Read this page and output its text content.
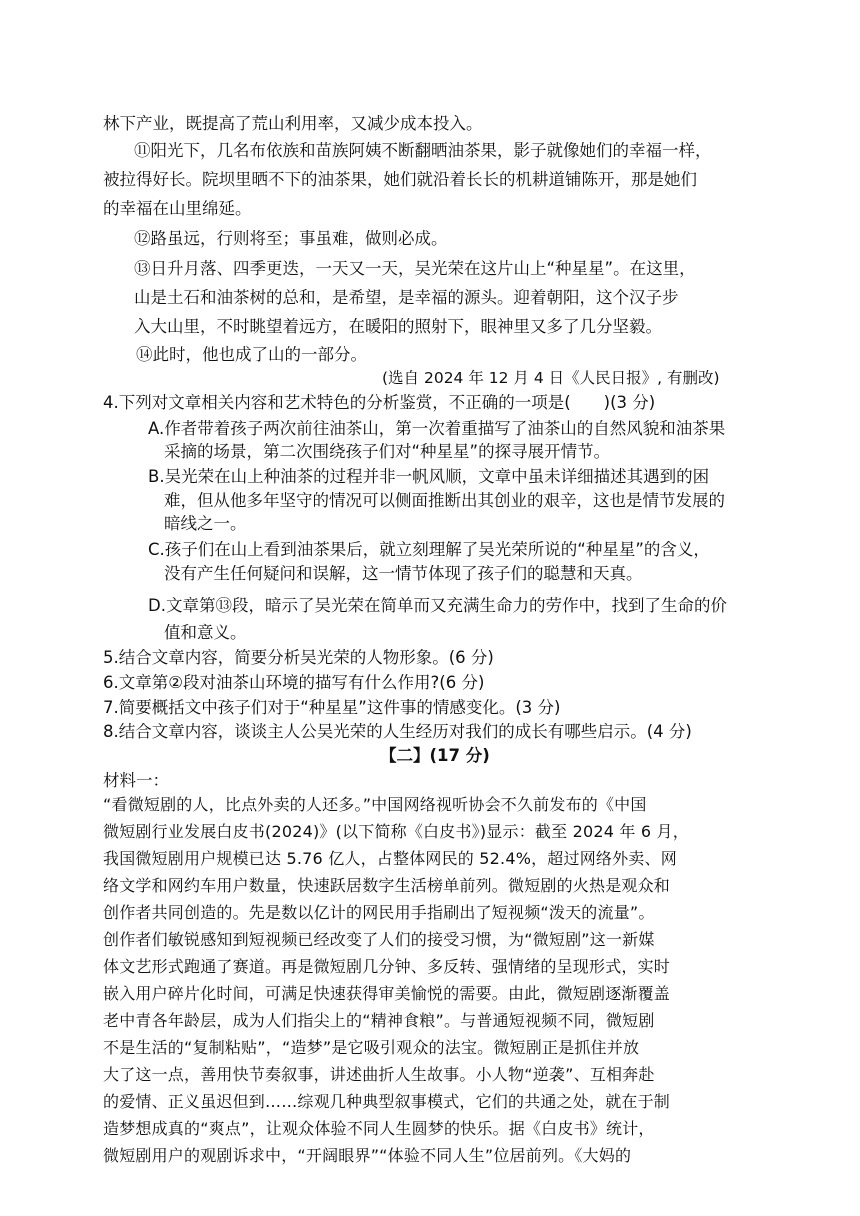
林下产业，既提高了荒山利用率，又减少成本投入。
⑪阳光下，几名布依族和苗族阿姨不断翻晒油茶果，影子就像她们的幸福一样，
被拉得好长。院坝里晒不下的油茶果，她们就沿着长长的机耕道铺陈开，那是她们
的幸福在山里绵延。
⑫路虽远，行则将至；事虽难，做则必成。
⑬日升月落、四季更迭，一天又一天，吴光荣在这片山上“种星星”。在这里，
山是土石和油茶树的总和，是希望，是幸福的源头。迎着朝阳，这个汉子步
入大山里，不时眺望着远方，在暖阳的照射下，眼神里又多了几分坚毅。
⑭此时，他也成了山的一部分。
(选自 2024 年 12 月 4 日《人民日报》, 有删改)
4.下列对文章相关内容和艺术特色的分析鉴赏，不正确的一项是(　　)(3 分)
A.作者带着孩子两次前往油茶山，第一次着重描写了油茶山的自然风貌和油茶果
采摘的场景，第二次围绕孩子们对“种星星”的探寻展开情节。
B.吴光荣在山上种油茶的过程并非一帆风顺，文章中虽未详细描述其遇到的困
难，但从他多年坚守的情况可以侧面推断出其创业的艰辛，这也是情节发展的
暗线之一。
C.孩子们在山上看到油茶果后，就立刻理解了吴光荣所说的“种星星”的含义，
没有产生任何疑问和误解，这一情节体现了孩子们的聪慧和天真。
D.文章第⑬段，暗示了吴光荣在简单而又充满生命力的劳作中，找到了生命的价
值和意义。
5.结合文章内容，简要分析吴光荣的人物形象。(6 分)
6.文章第②段对油茶山环境的描写有什么作用?(6 分)
7.简要概括文中孩子们对于“种星星”这件事的情感变化。(3 分)
8.结合文章内容，谈谈主人公吴光荣的人生经历对我们的成长有哪些启示。(4 分)
【二】(17 分)
材料一：
“看微短剧的人，比点外卖的人还多。”中国网络视听协会不久前发布的《中国
微短剧行业发展白皮书(2024)》(以下简称《白皮书》)显示：截至 2024 年 6 月，
我国微短剧用户规模已达 5.76 亿人，占整体网民的 52.4%，超过网络外卖、网
络文学和网约车用户数量，快速跃居数字生活榜单前列。微短剧的火热是观众和
创作者共同创造的。先是数以亿计的网民用手指刷出了短视频“泼天的流量”。
创作者们敏锐感知到短视频已经改变了人们的接受习惯，为“微短剧”这一新媒
体文艺形式跑通了赛道。再是微短剧几分钟、多反转、强情绪的呈现形式，实时
嵌入用户碎片化时间，可满足快速获得审美愉悦的需要。由此，微短剧逐渐覆盖
老中青各年龄层，成为人们指尖上的“精神食粮”。与普通短视频不同，微短剧
不是生活的“复制粘贴”，“造梦”是它吸引观众的法宝。微短剧正是抓住并放
大了这一点，善用快节奏叙事，讲述曲折人生故事。小人物“逆袭”、互相奔赴
的爱情、正义虽迟但到……综观几种典型叙事模式，它们的共通之处，就在于制
造梦想成真的“爽点”，让观众体验不同人生圆梦的快乐。据《白皮书》统计，
微短剧用户的观剧诉求中，“开阔眼界”“体验不同人生”位居前列。《大妈的
